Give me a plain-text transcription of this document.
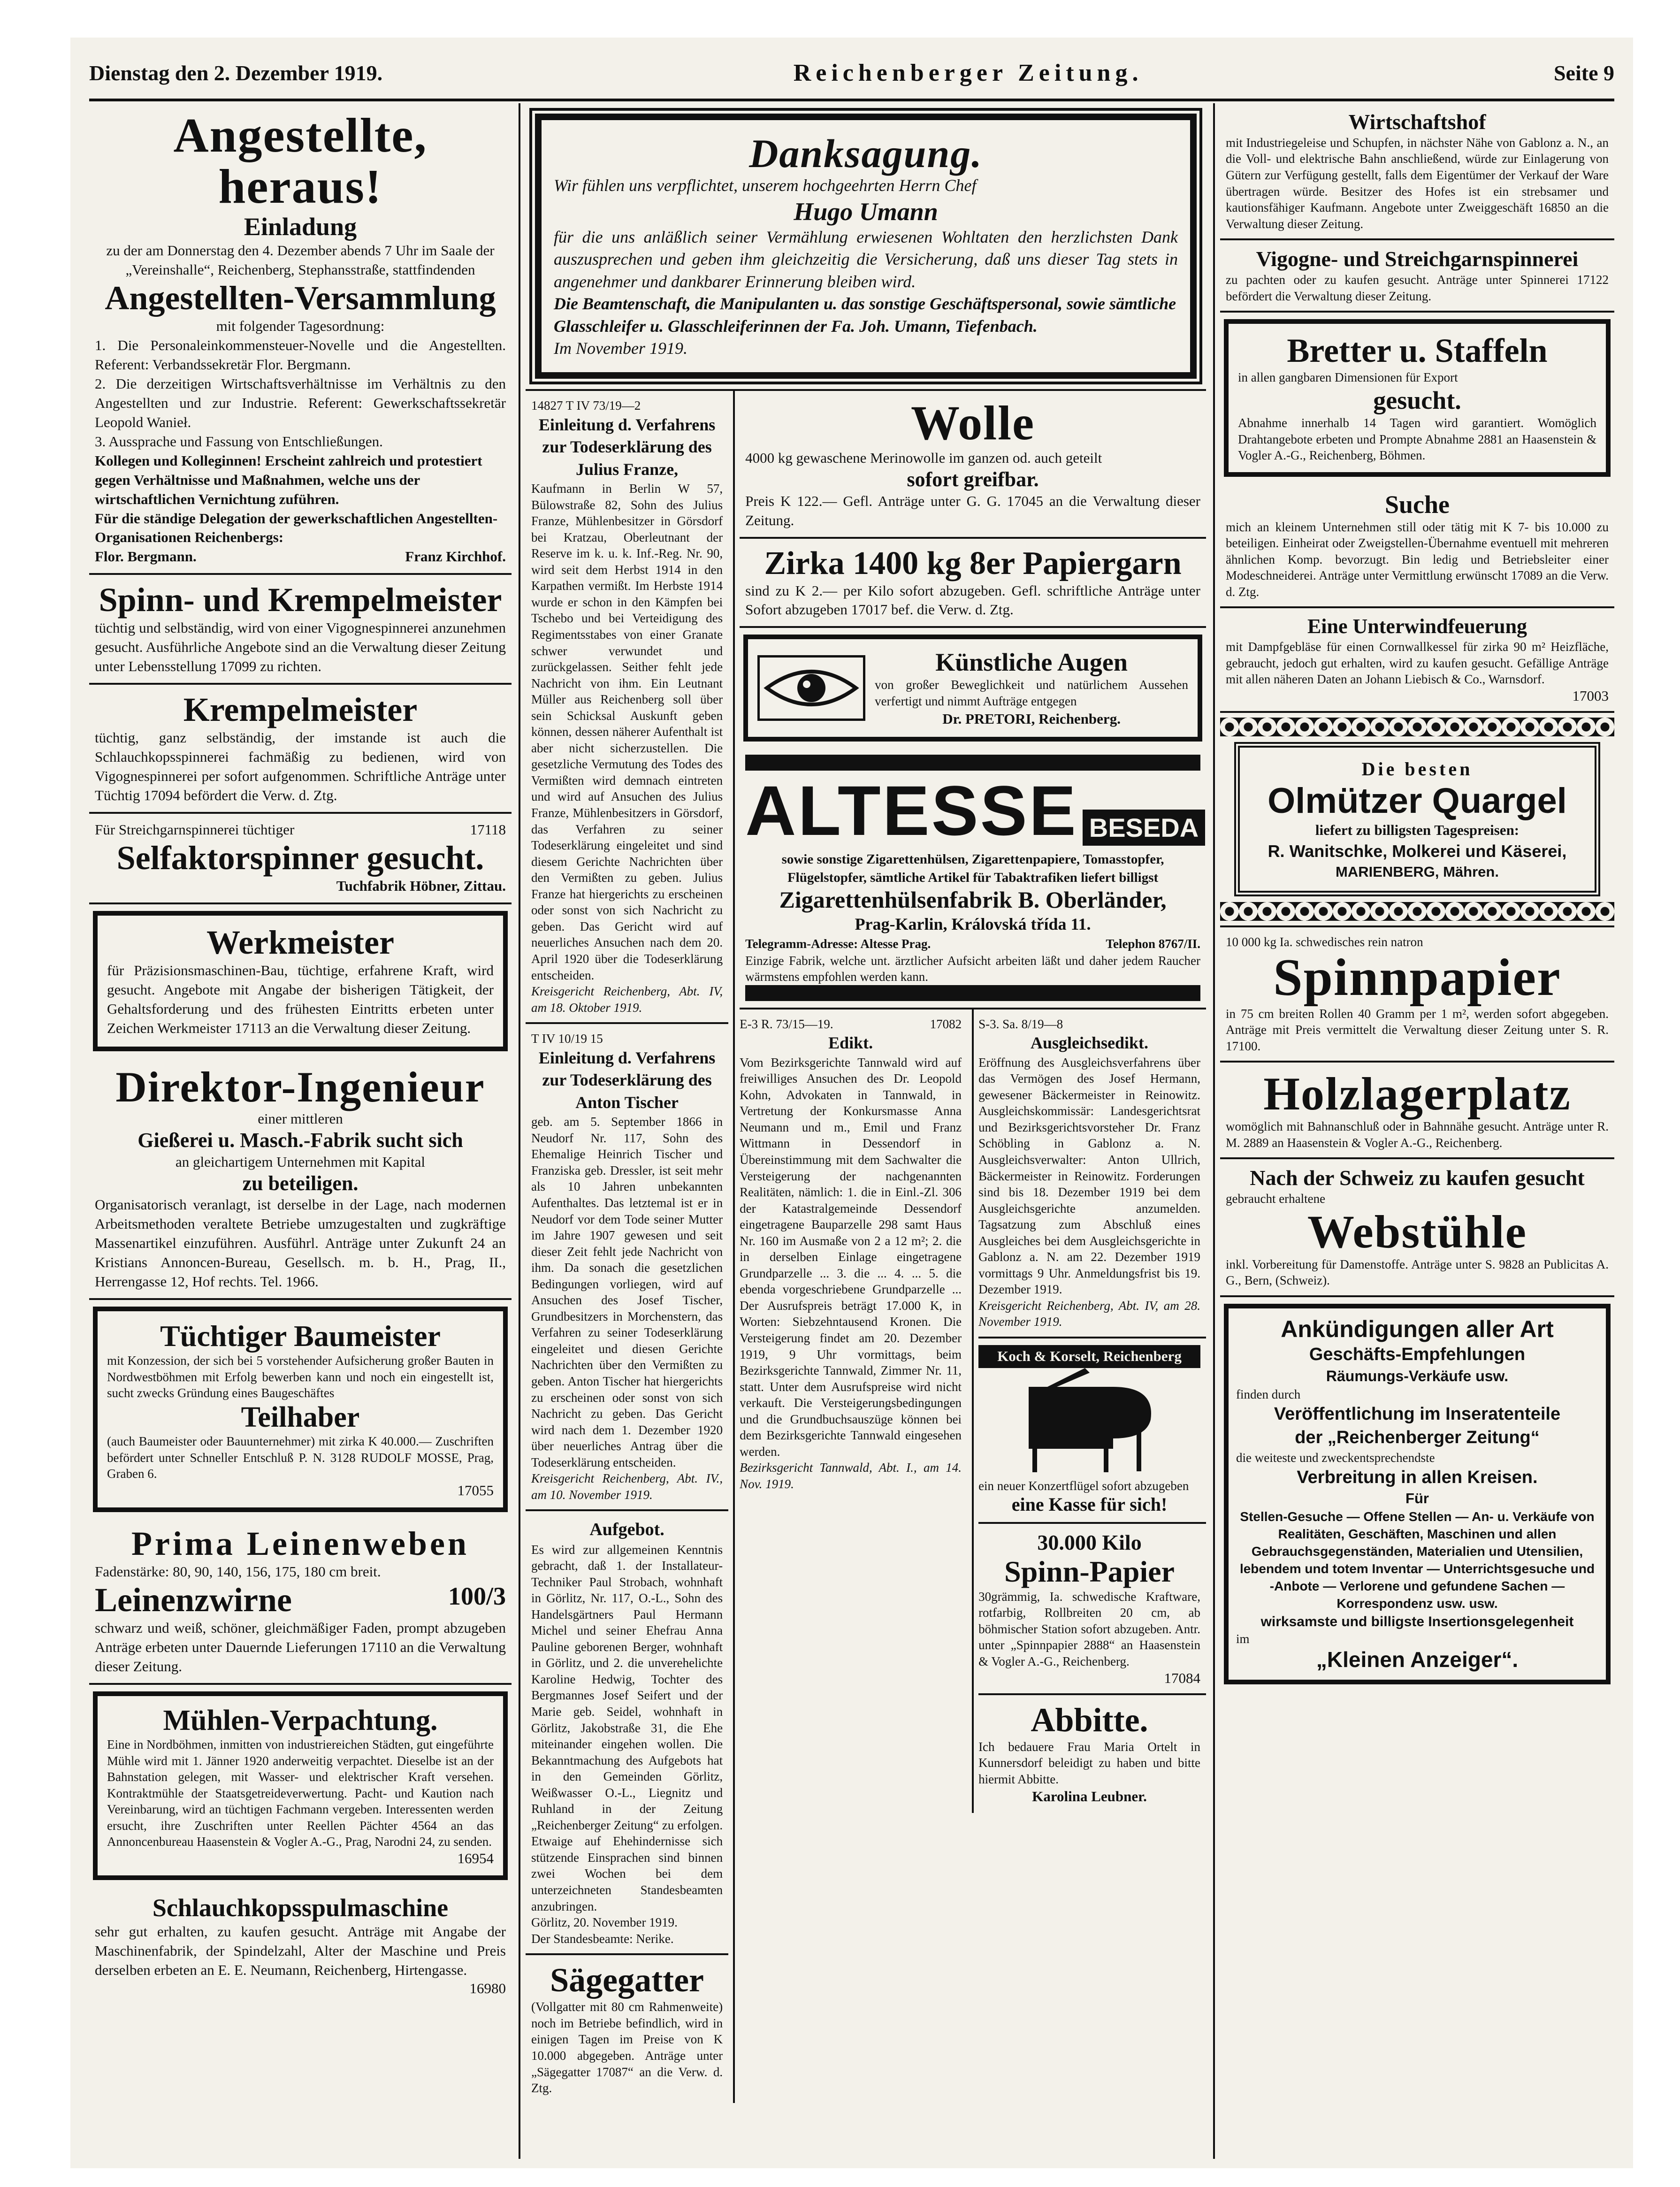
Dienstag den 2. Dezember 1919.	Reichenberger Zeitung.	Seite 9
Angestellte, heraus!
Einladung
zu der am Donnerstag den 4. Dezember abends 7 Uhr im Saale der „Vereinshalle“, Reichenberg, Stephansstraße, stattfindenden
Angestellten-Versammlung
mit folgender Tagesordnung:
1. Die Personaleinkommensteuer-Novelle und die Angestellten. Referent: Verbandssekretär Flor. Bergmann.
2. Die derzeitigen Wirtschaftsverhältnisse im Verhältnis zu den Angestellten und zur Industrie. Referent: Gewerkschaftssekretär Leopold Wanieł.
3. Aussprache und Fassung von Entschließungen.
Kollegen und Kolleginnen! Erscheint zahlreich und protestiert gegen Verhältnisse und Maßnahmen, welche uns der wirtschaftlichen Vernichtung zuführen.
Für die ständige Delegation der gewerkschaftlichen Angestellten-Organisationen Reichenbergs:
Flor. Bergmann.	Franz Kirchhof.
Spinn- und Krempelmeister
tüchtig und selbständig, wird von einer Vigognespinnerei anzunehmen gesucht. Ausführliche Angebote sind an die Verwaltung dieser Zeitung unter Lebensstellung 17099 zu richten.
Krempelmeister
tüchtig, ganz selbständig, der imstande ist auch die Schlauchkopsspinnerei fachmäßig zu bedienen, wird von Vigognespinnerei per sofort aufgenommen. Schriftliche Anträge unter Tüchtig 17094 befördert die Verw. d. Ztg.
Für Streichgarnspinnerei tüchtiger	17118
Selfaktorspinner gesucht.
Tuchfabrik Höbner, Zittau.
Werkmeister
für Präzisionsmaschinen-Bau, tüchtige, erfahrene Kraft, wird gesucht. Angebote mit Angabe der bisherigen Tätigkeit, der Gehaltsforderung und des frühesten Eintritts erbeten unter Zeichen Werkmeister 17113 an die Verwaltung dieser Zeitung.
Direktor-Ingenieur
einer mittleren
Gießerei u. Masch.-Fabrik sucht sich
an gleichartigem Unternehmen mit Kapital
zu beteiligen.
Organisatorisch veranlagt, ist derselbe in der Lage, nach modernen Arbeitsmethoden veraltete Betriebe umzugestalten und zugkräftige Massenartikel einzuführen. Ausführl. Anträge unter Zukunft 24 an Kristians Annoncen-Bureau, Gesellsch. m. b. H., Prag, II., Herrengasse 12, Hof rechts. Tel. 1966.
Tüchtiger Baumeister
mit Konzession, der sich bei 5 vorstehender Aufsicherung großer Bauten in Nordwestböhmen mit Erfolg bewerben kann und noch ein eingestellt ist, sucht zwecks Gründung eines Baugeschäftes
Teilhaber
(auch Baumeister oder Bauunternehmer) mit zirka K 40.000.— Zuschriften befördert unter Schneller Entschluß P. N. 3128 RUDOLF MOSSE, Prag, Graben 6.
17055
Prima Leinenweben
Fadenstärke: 80, 90, 140, 156, 175, 180 cm breit.
Leinenzwirne	100/3
schwarz und weiß, schöner, gleichmäßiger Faden, prompt abzugeben Anträge erbeten unter Dauernde Lieferungen 17110 an die Verwaltung dieser Zeitung.
Mühlen-Verpachtung.
Eine in Nordböhmen, inmitten von industriereichen Städten, gut eingeführte Mühle wird mit 1. Jänner 1920 anderweitig verpachtet. Dieselbe ist an der Bahnstation gelegen, mit Wasser- und elektrischer Kraft versehen. Kontraktmühle der Staatsgetreideverwertung. Pacht- und Kaution nach Vereinbarung, wird an tüchtigen Fachmann vergeben. Interessenten werden ersucht, ihre Zuschriften unter Reellen Pächter 4564 an das Annoncenbureau Haasenstein & Vogler A.-G., Prag, Narodni 24, zu senden.
16954
Schlauchkopsspulmaschine
sehr gut erhalten, zu kaufen gesucht. Anträge mit Angabe der Maschinenfabrik, der Spindelzahl, Alter der Maschine und Preis derselben erbeten an E. E. Neumann, Reichenberg, Hirtengasse.
16980
Danksagung.
Wir fühlen uns verpflichtet, unserem hochgeehrten Herrn Chef
Hugo Umann
für die uns anläßlich seiner Vermählung erwiesenen Wohltaten den herzlichsten Dank auszusprechen und geben ihm gleichzeitig die Versicherung, daß uns dieser Tag stets in angenehmer und dankbarer Erinnerung bleiben wird.
Die Beamtenschaft, die Manipulanten u. das sonstige Geschäftspersonal, sowie sämtliche Glasschleifer u. Glasschleiferinnen der Fa. Joh. Umann, Tiefenbach.
Im November 1919.
14827 T IV 73/19—2
Einleitung d. Verfahrens zur Todeserklärung des Julius Franze,
Kaufmann in Berlin W 57, Bülowstraße 82, Sohn des Julius Franze, Mühlenbesitzer in Görsdorf bei Kratzau, Oberleutnant der Reserve im k. u. k. Inf.-Reg. Nr. 90, wird seit dem Herbst 1914 in den Karpathen vermißt. Im Herbste 1914 wurde er schon in den Kämpfen bei Tschebo und bei Verteidigung des Regimentsstabes von einer Granate schwer verwundet und zurückgelassen. Seither fehlt jede Nachricht von ihm. Ein Leutnant Müller aus Reichenberg soll über sein Schicksal Auskunft geben können, dessen näherer Aufenthalt ist aber nicht sicherzustellen. Die gesetzliche Vermutung des Todes des Vermißten wird demnach eintreten und wird auf Ansuchen des Julius Franze, Mühlenbesitzers in Görsdorf, das Verfahren zu seiner Todeserklärung eingeleitet und sind diesem Gerichte Nachrichten über den Vermißten zu geben. Julius Franze hat hiergerichts zu erscheinen oder sonst von sich Nachricht zu geben. Das Gericht wird auf neuerliches Ansuchen nach dem 20. April 1920 über die Todeserklärung entscheiden.
Kreisgericht Reichenberg, Abt. IV, am 18. Oktober 1919.
T IV 10/19 15
Einleitung d. Verfahrens zur Todeserklärung des Anton Tischer
geb. am 5. September 1866 in Neudorf Nr. 117, Sohn des Ehemalige Heinrich Tischer und Franziska geb. Dressler, ist seit mehr als 10 Jahren unbekannten Aufenthaltes. Das letztemal ist er in Neudorf vor dem Tode seiner Mutter im Jahre 1907 gewesen und seit dieser Zeit fehlt jede Nachricht von ihm. Da sonach die gesetzlichen Bedingungen vorliegen, wird auf Ansuchen des Josef Tischer, Grundbesitzers in Morchenstern, das Verfahren zu seiner Todeserklärung eingeleitet und diesen Gerichte Nachrichten über den Vermißten zu geben. Anton Tischer hat hiergerichts zu erscheinen oder sonst von sich Nachricht zu geben. Das Gericht wird nach dem 1. Dezember 1920 über neuerliches Antrag über die Todeserklärung entscheiden.
Kreisgericht Reichenberg, Abt. IV., am 10. November 1919.
Aufgebot.
Es wird zur allgemeinen Kenntnis gebracht, daß 1. der Installateur-Techniker Paul Strobach, wohnhaft in Görlitz, Nr. 117, O.-L., Sohn des Handelsgärtners Paul Hermann Michel und seiner Ehefrau Anna Pauline geborenen Berger, wohnhaft in Görlitz, und 2. die unverehelichte Karoline Hedwig, Tochter des Bergmannes Josef Seifert und der Marie geb. Seidel, wohnhaft in Görlitz, Jakobstraße 31, die Ehe miteinander eingehen wollen. Die Bekanntmachung des Aufgebots hat in den Gemeinden Görlitz, Weißwasser O.-L., Liegnitz und Ruhland in der Zeitung „Reichenberger Zeitung“ zu erfolgen. Etwaige auf Ehehindernisse sich stützende Einsprachen sind binnen zwei Wochen bei dem unterzeichneten Standesbeamten anzubringen.
Görlitz, 20. November 1919.
Der Standesbeamte: Nerike.
Sägegatter
(Vollgatter mit 80 cm Rahmenweite) noch im Betriebe befindlich, wird in einigen Tagen im Preise von K 10.000 abgegeben. Anträge unter „Sägegatter 17087“ an die Verw. d. Ztg.
Wolle
4000 kg gewaschene Merinowolle im ganzen od. auch geteilt
sofort greifbar.
Preis K 122.— Gefl. Anträge unter G. G. 17045 an die Verwaltung dieser Zeitung.
Zirka 1400 kg 8er Papiergarn
sind zu K 2.— per Kilo sofort abzugeben. Gefl. schriftliche Anträge unter Sofort abzugeben 17017 bef. die Verw. d. Ztg.
Künstliche Augen
von großer Beweglichkeit und natürlichem Aussehen verfertigt und nimmt Aufträge entgegen
Dr. PRETORI, Reichenberg.
ALTESSE BESEDA
sowie sonstige Zigarettenhülsen, Zigarettenpapiere, Tomasstopfer, Flügelstopfer, sämtliche Artikel für Tabaktrafiken liefert billigst
Zigarettenhülsenfabrik B. Oberländer,
Prag-Karlin, Královská třída 11.
Telegramm-Adresse: Altesse Prag.	Telephon 8767/II.
Einzige Fabrik, welche unt. ärztlicher Aufsicht arbeiten läßt und daher jedem Raucher wärmstens empfohlen werden kann.
E-3 R. 73/15—19.	17082
Edikt.
Vom Bezirksgerichte Tannwald wird auf freiwilliges Ansuchen des Dr. Leopold Kohn, Advokaten in Tannwald, in Vertretung der Konkursmasse Anna Neumann und m., Emil und Franz Wittmann in Dessendorf in Übereinstimmung mit dem Sachwalter die Versteigerung der nachgenannten Realitäten, nämlich: 1. die in Einl.-Zl. 306 der Katastralgemeinde Dessendorf eingetragene Bauparzelle 298 samt Haus Nr. 160 im Ausmaße von 2 a 12 m²; 2. die in derselben Einlage eingetragene Grundparzelle ... 3. die ... 4. ... 5. die ebenda vorgeschriebene Grundparzelle ... Der Ausrufspreis beträgt 17.000 K, in Worten: Siebzehntausend Kronen. Die Versteigerung findet am 20. Dezember 1919, 9 Uhr vormittags, beim Bezirksgerichte Tannwald, Zimmer Nr. 11, statt. Unter dem Ausrufspreise wird nicht verkauft. Die Versteigerungsbedingungen und die Grundbuchsauszüge können bei dem Bezirksgerichte Tannwald eingesehen werden.
Bezirksgericht Tannwald, Abt. I., am 14. Nov. 1919.
S-3. Sa. 8/19—8
Ausgleichsedikt.
Eröffnung des Ausgleichsverfahrens über das Vermögen des Josef Hermann, gewesener Bäckermeister in Reinowitz. Ausgleichskommissär: Landesgerichtsrat und Bezirksgerichtsvorsteher Dr. Franz Schöbling in Gablonz a. N. Ausgleichsverwalter: Anton Ullrich, Bäckermeister in Reinowitz. Forderungen sind bis 18. Dezember 1919 bei dem Ausgleichsgerichte anzumelden. Tagsatzung zum Abschluß eines Ausgleiches bei dem Ausgleichsgerichte in Gablonz a. N. am 22. Dezember 1919 vormittags 9 Uhr. Anmeldungsfrist bis 19. Dezember 1919.
Kreisgericht Reichenberg, Abt. IV, am 28. November 1919.
Koch & Korselt, Reichenberg
ein neuer Konzertflügel sofort abzugeben
eine Kasse für sich!
30.000 Kilo
Spinn-Papier
30grämmig, Ia. schwedische Kraftware, rotfarbig, Rollbreiten 20 cm, ab böhmischer Station sofort abzugeben. Antr. unter „Spinnpapier 2888“ an Haasenstein & Vogler A.-G., Reichenberg.
17084
Abbitte.
Ich bedauere Frau Maria Ortelt in Kunnersdorf beleidigt zu haben und bitte hiermit Abbitte.
Karolina Leubner.
Wirtschaftshof
mit Industriegeleise und Schupfen, in nächster Nähe von Gablonz a. N., an die Voll- und elektrische Bahn anschließend, würde zur Einlagerung von Gütern zur Verfügung gestellt, falls dem Eigentümer der Verkauf der Ware übertragen würde. Besitzer des Hofes ist ein strebsamer und kautionsfähiger Kaufmann. Angebote unter Zweiggeschäft 16850 an die Verwaltung dieser Zeitung.
Vigogne- und Streichgarnspinnerei
zu pachten oder zu kaufen gesucht. Anträge unter Spinnerei 17122 befördert die Verwaltung dieser Zeitung.
Bretter u. Staffeln
in allen gangbaren Dimensionen für Export
gesucht.
Abnahme innerhalb 14 Tagen wird garantiert. Womöglich Drahtangebote erbeten und Prompte Abnahme 2881 an Haasenstein & Vogler A.-G., Reichenberg, Böhmen.
Suche
mich an kleinem Unternehmen still oder tätig mit K 7- bis 10.000 zu beteiligen. Einheirat oder Zweigstellen-Übernahme eventuell mit mehreren ähnlichen Komp. bevorzugt. Bin ledig und Betriebsleiter einer Modeschneiderei. Anträge unter Vermittlung erwünscht 17089 an die Verw. d. Ztg.
Eine Unterwindfeuerung
mit Dampfgebläse für einen Cornwallkessel für zirka 90 m² Heizfläche, gebraucht, jedoch gut erhalten, wird zu kaufen gesucht. Gefällige Anträge mit allen näheren Daten an Johann Liebisch & Co., Warnsdorf.
17003
Die besten
Olmützer Quargel
liefert zu billigsten Tagespreisen:
R. Wanitschke, Molkerei und Käserei,
MARIENBERG, Mähren.
10 000 kg Ia. schwedisches rein natron
Spinnpapier
in 75 cm breiten Rollen 40 Gramm per 1 m², werden sofort abgegeben. Anträge mit Preis vermittelt die Verwaltung dieser Zeitung unter S. R. 17100.
Holzlagerplatz
womöglich mit Bahnanschluß oder in Bahnnähe gesucht. Anträge unter R. M. 2889 an Haasenstein & Vogler A.-G., Reichenberg.
Nach der Schweiz zu kaufen gesucht
gebraucht erhaltene
Webstühle
inkl. Vorbereitung für Damenstoffe. Anträge unter S. 9828 an Publicitas A. G., Bern, (Schweiz).
Ankündigungen aller Art
Geschäfts-Empfehlungen
Räumungs-Verkäufe usw.
finden durch
Veröffentlichung im Inseratenteile
der „Reichenberger Zeitung“
die weiteste und zweckentsprechendste
Verbreitung in allen Kreisen.
Für
Stellen-Gesuche — Offene Stellen — An- u. Verkäufe von Realitäten, Geschäften, Maschinen und allen Gebrauchsgegenständen, Materialien und Utensilien, lebendem und totem Inventar — Unterrichtsgesuche und -Anbote — Verlorene und gefundene Sachen — Korrespondenz usw. usw.
wirksamste und billigste Insertionsgelegenheit
im
„Kleinen Anzeiger“.
